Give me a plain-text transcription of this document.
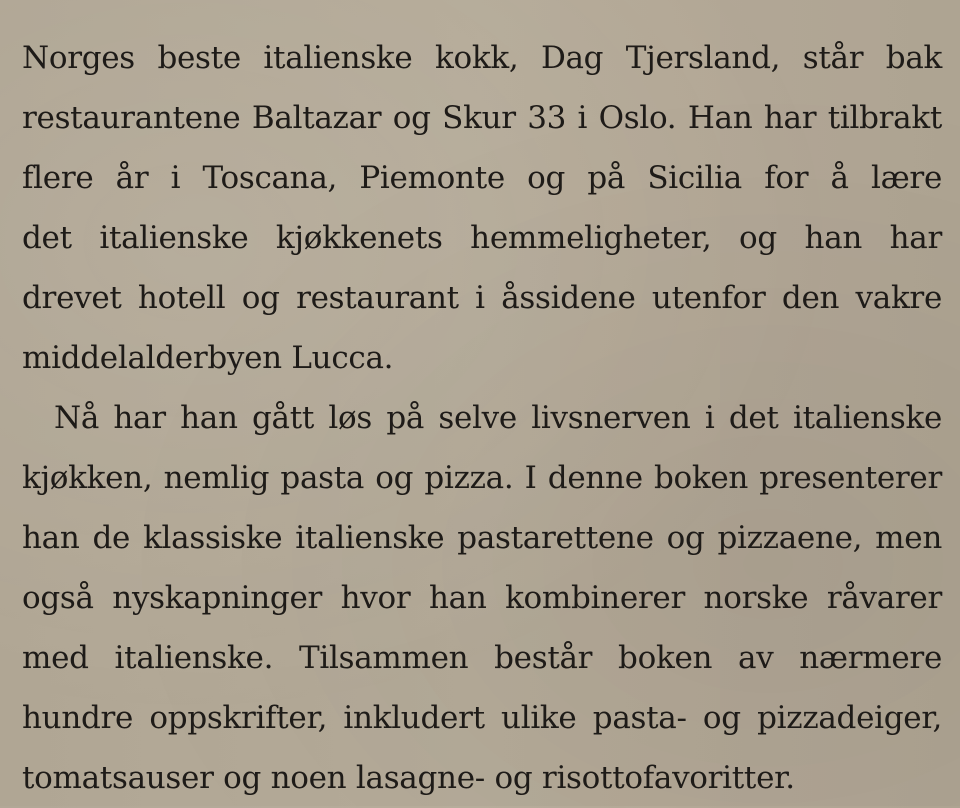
Norges beste italienske kokk, Dag Tjersland, står bak
restaurantene Baltazar og Skur 33 i Oslo. Han har tilbrakt
flere år i Toscana, Piemonte og på Sicilia for å lære
det italienske kjøkkenets hemmeligheter, og han har
drevet hotell og restaurant i åssidene utenfor den vakre
middelalderbyen Lucca.
Nå har han gått løs på selve livsnerven i det italienske
kjøkken, nemlig pasta og pizza. I denne boken presenterer
han de klassiske italienske pastarettene og pizzaene, men
også nyskapninger hvor han kombinerer norske råvarer
med italienske. Tilsammen består boken av nærmere
hundre oppskrifter, inkludert ulike pasta- og pizzadeiger,
tomatsauser og noen lasagne- og risottofavoritter.
